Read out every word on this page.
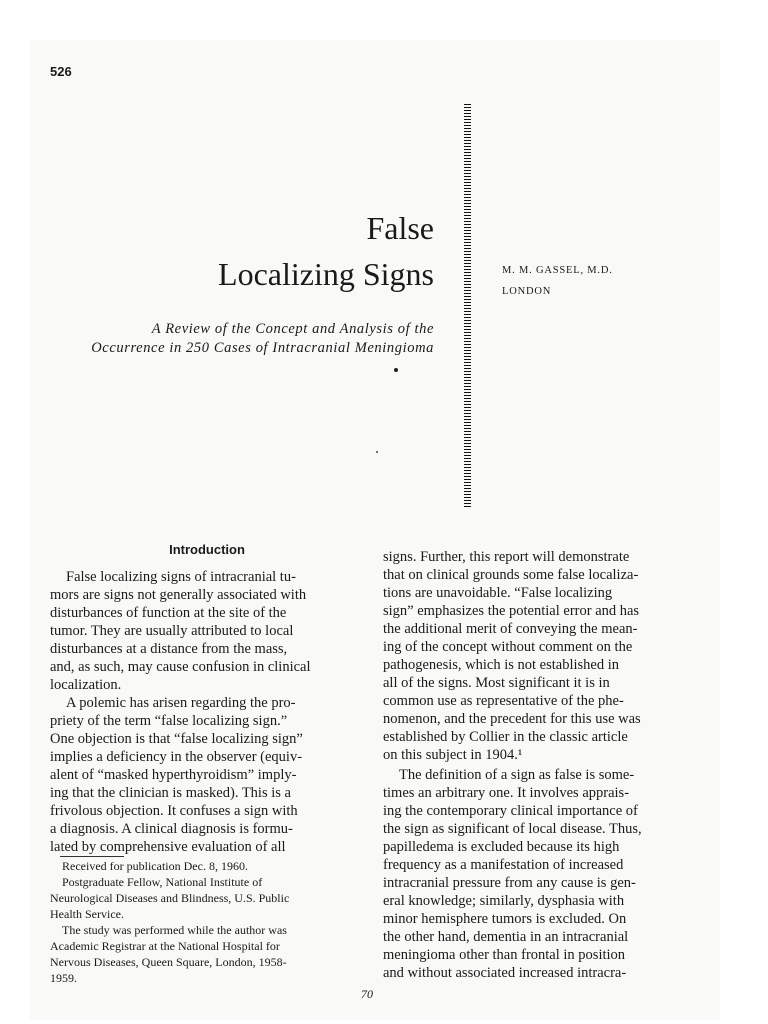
526
False
Localizing Signs
A Review of the Concept and Analysis of the
Occurrence in 250 Cases of Intracranial Meningioma
M. M. GASSEL, M.D.
LONDON
Introduction
False localizing signs of intracranial tu-
mors are signs not generally associated with
disturbances of function at the site of the
tumor. They are usually attributed to local
disturbances at a distance from the mass,
and, as such, may cause confusion in clinical
localization.
A polemic has arisen regarding the pro-
priety of the term “false localizing sign.”
One objection is that “false localizing sign”
implies a deficiency in the observer (equiv-
alent of “masked hyperthyroidism” imply-
ing that the clinician is masked). This is a
frivolous objection. It confuses a sign with
a diagnosis. A clinical diagnosis is formu-
lated by comprehensive evaluation of all
Received for publication Dec. 8, 1960.
Postgraduate Fellow, National Institute of
Neurological Diseases and Blindness, U.S. Public
Health Service.
The study was performed while the author was
Academic Registrar at the National Hospital for
Nervous Diseases, Queen Square, London, 1958-
1959.
signs. Further, this report will demonstrate
that on clinical grounds some false localiza-
tions are unavoidable. “False localizing
sign” emphasizes the potential error and has
the additional merit of conveying the mean-
ing of the concept without comment on the
pathogenesis, which is not established in
all of the signs. Most significant it is in
common use as representative of the phe-
nomenon, and the precedent for this use was
established by Collier in the classic article
on this subject in 1904.¹
The definition of a sign as false is some-
times an arbitrary one. It involves apprais-
ing the contemporary clinical importance of
the sign as significant of local disease. Thus,
papilledema is excluded because its high
frequency as a manifestation of increased
intracranial pressure from any cause is gen-
eral knowledge; similarly, dysphasia with
minor hemisphere tumors is excluded. On
the other hand, dementia in an intracranial
meningioma other than frontal in position
and without associated increased intracra-
70
